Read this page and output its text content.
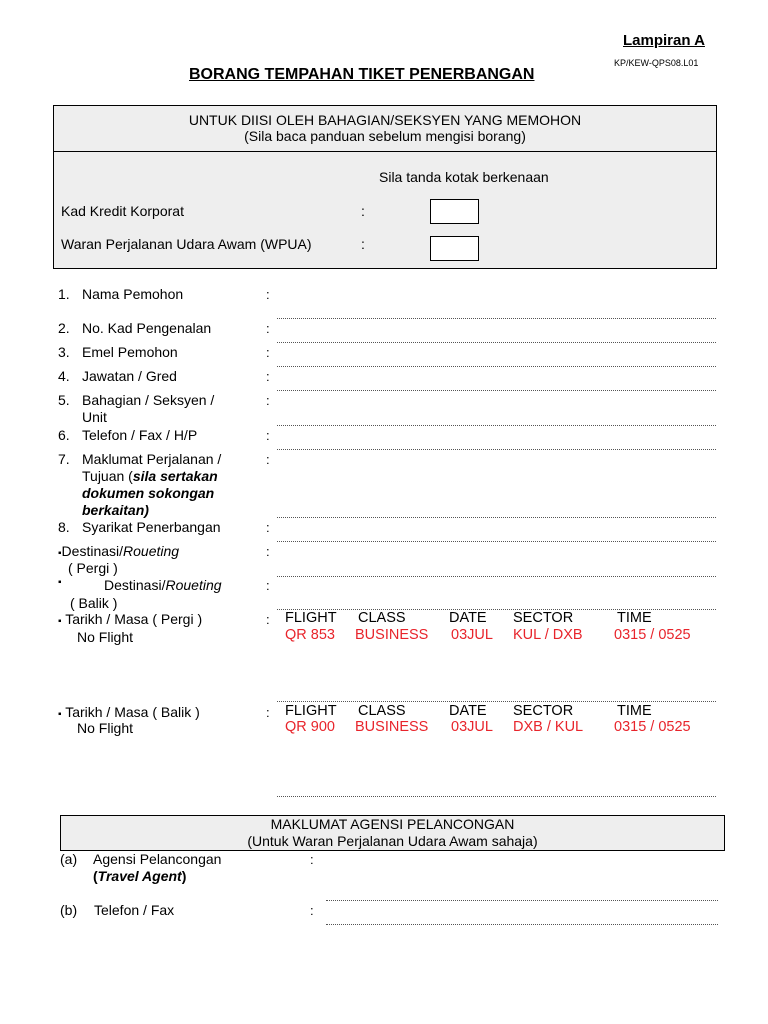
Lampiran A
KP/KEW-QPS08.L01
BORANG TEMPAHAN TIKET PENERBANGAN
UNTUK DIISI OLEH BAHAGIAN/SEKSYEN YANG MEMOHON
(Sila baca panduan sebelum mengisi borang)
Sila tanda kotak berkenaan
Kad Kredit Korporat	:
Waran Perjalanan Udara Awam (WPUA)	:
1. Nama Pemohon	:
2. No. Kad Pengenalan	:
3. Emel Pemohon	:
4. Jawatan / Gred	:
5. Bahagian / Seksyen /
Unit
:
6. Telefon / Fax / H/P	:
7. Maklumat Perjalanan /
Tujuan (sila sertakan
dokumen sokongan
berkaitan)
:
8. Syarikat Penerbangan	:
▪Destinasi/Roueting
( Pergi )
:
▪	Destinasi/Roueting
( Balik )
:
▪ Tarikh / Masa ( Pergi )
No Flight
: FLIGHT CLASS	DATE SECTOR	TIME
QR 853 BUSINESS 03JUL KUL / DXB 0315 / 0525
▪ Tarikh / Masa ( Balik )
No Flight
: FLIGHT CLASS	DATE SECTOR	TIME
QR 900 BUSINESS 03JUL DXB / KUL 0315 / 0525
MAKLUMAT AGENSI PELANCONGAN
(Untuk Waran Perjalanan Udara Awam sahaja)
(a) Agensi Pelancongan
(Travel Agent)
:
(b) Telefon / Fax	:
